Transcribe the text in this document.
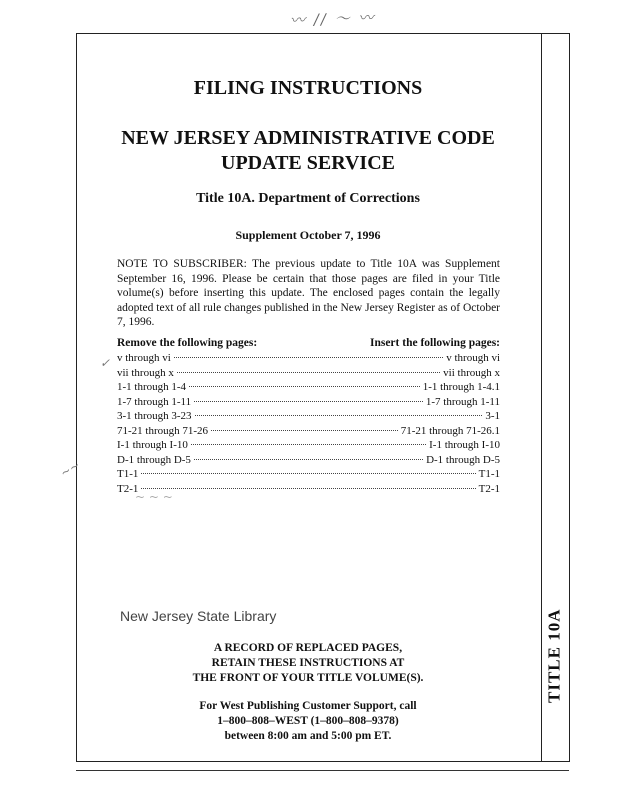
TITLE 10A
〰 ∕∕ 〜 〰
FILING INSTRUCTIONS
NEW JERSEY ADMINISTRATIVE CODE
UPDATE SERVICE
Title 10A. Department of Corrections
Supplement October 7, 1996
NOTE TO SUBSCRIBER: The previous update to Title 10A was Supplement September 16, 1996. Please be certain that those pages are filed in your Title volume(s) before inserting this update. The enclosed pages contain the legally adopted text of all rule changes published in the New Jersey Register as of October 7, 1996.
Remove the following pages:	Insert the following pages:
v through vi	v through vi
vii through x	vii through x
1-1 through 1-4	1-1 through 1-4.1
1-7 through 1-11	1-7 through 1-11
3-1 through 3-23	3-1
71-21 through 71-26	71-21 through 71-26.1
I-1 through I-10	I-1 through I-10
D-1 through D-5	D-1 through D-5
T1-1	T1-1
T2-1	T2-1
✓
~~
~ ~ ~
New Jersey State Library
A RECORD OF REPLACED PAGES,
RETAIN THESE INSTRUCTIONS AT
THE FRONT OF YOUR TITLE VOLUME(S).
For West Publishing Customer Support, call
1–800–808–WEST (1–800–808–9378)
between 8:00 am and 5:00 pm ET.
